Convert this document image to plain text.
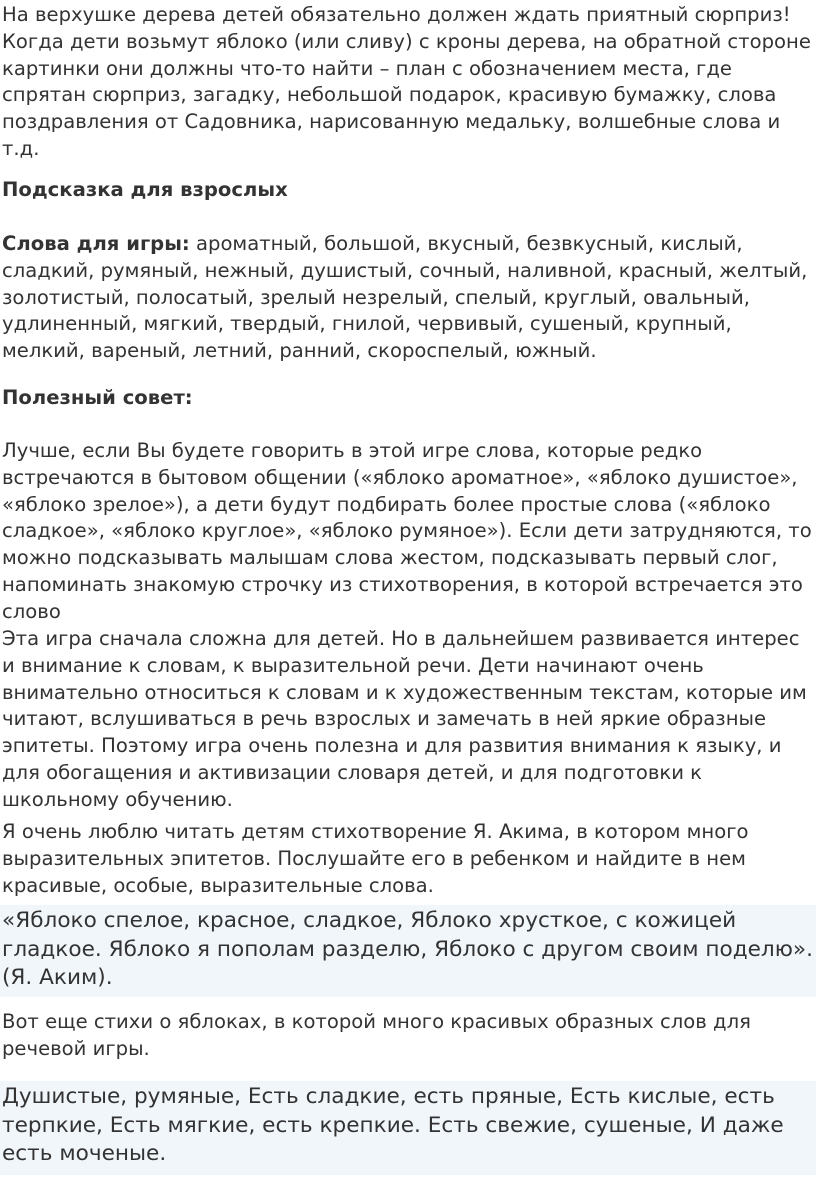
На верхушке дерева детей обязательно должен ждать приятный сюрприз! Когда дети возьмут яблоко (или сливу) с кроны дерева, на обратной стороне картинки они должны что-то найти – план с обозначением места, где спрятан сюрприз, загадку, небольшой подарок, красивую бумажку, слова поздравления от Садовника, нарисованную медальку, волшебные слова и т.д.

Подсказка для взрослых

Слова для игры: ароматный, большой, вкусный, безвкусный, кислый, сладкий, румяный, нежный, душистый, сочный, наливной, красный, желтый, золотистый, полосатый, зрелый незрелый, спелый, круглый, овальный, удлиненный, мягкий, твердый, гнилой, червивый, сушеный, крупный, мелкий, вареный, летний, ранний, скороспелый, южный.

Полезный совет:

Лучше, если Вы будете говорить в этой игре слова, которые редко встречаются в бытовом общении («яблоко ароматное», «яблоко душистое», «яблоко зрелое»), а дети будут подбирать более простые слова («яблоко сладкое», «яблоко круглое», «яблоко румяное»). Если дети затрудняются, то можно подсказывать малышам слова жестом, подсказывать первый слог, напоминать знакомую строчку из стихотворения, в которой встречается это слово

Эта игра сначала сложна для детей. Но в дальнейшем развивается интерес и внимание к словам, к выразительной речи. Дети начинают очень внимательно относиться к словам и к художественным текстам, которые им читают, вслушиваться в речь взрослых и замечать в ней яркие образные эпитеты. Поэтому игра очень полезна и для развития внимания к языку, и для обогащения и активизации словаря детей, и для подготовки к школьному обучению.

Я очень люблю читать детям стихотворение Я. Акима, в котором много выразительных эпитетов. Послушайте его в ребенком и найдите в нем красивые, особые, выразительные слова.

«Яблоко спелое, красное, сладкое, Яблоко хрусткое, с кожицей гладкое. Яблоко я пополам разделю, Яблоко с другом своим поделю». (Я. Аким).

Вот еще стихи о яблоках, в которой много красивых образных слов для речевой игры.

Душистые, румяные, Есть сладкие, есть пряные, Есть кислые, есть терпкие, Есть мягкие, есть крепкие. Есть свежие, сушеные, И даже есть моченые.
